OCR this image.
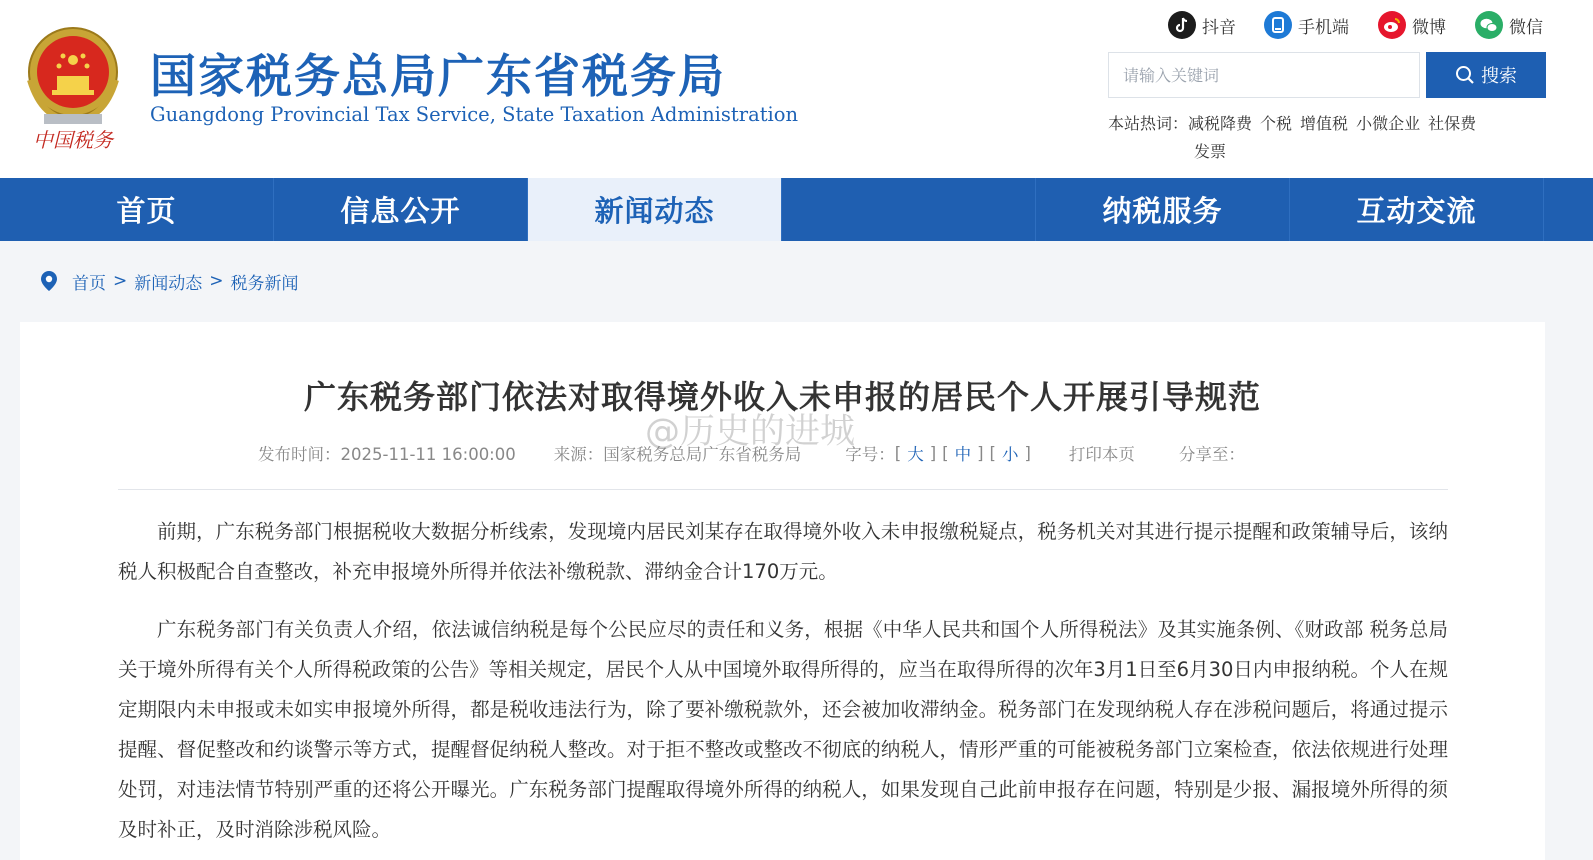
中国税务
国家税务总局广东省税务局
Guangdong Provincial Tax Service, State Taxation Administration
抖音	手机端	微博	微信
请输入关键词
搜索
本站热词：减税降费 个税 增值税 小微企业 社保费
发票
首页	信息公开	新闻动态	纳税服务	互动交流
首页 > 新闻动态 > 税务新闻
广东税务部门依法对取得境外收入未申报的居民个人开展引导规范
@历史的进城
发布时间：2025-11-11 16:00:00 来源：国家税务总局广东省税务局	字号： [ 大 ] [ 中 ] [ 小 ] 打印本页	分享至：

前期，广东税务部门根据税收大数据分析线索，发现境内居民刘某存在取得境外收入未申报缴税疑点，税务机关对其进行提示提醒和政策辅导后，该纳税人积极配合自查整改，补充申报境外所得并依法补缴税款、滞纳金合计170万元。

广东税务部门有关负责人介绍，依法诚信纳税是每个公民应尽的责任和义务，根据《中华人民共和国个人所得税法》及其实施条例、《财政部 税务总局关于境外所得有关个人所得税政策的公告》等相关规定，居民个人从中国境外取得所得的，应当在取得所得的次年3月1日至6月30日内申报纳税。个人在规定期限内未申报或未如实申报境外所得，都是税收违法行为，除了要补缴税款外，还会被加收滞纳金。税务部门在发现纳税人存在涉税问题后，将通过提示提醒、督促整改和约谈警示等方式，提醒督促纳税人整改。对于拒不整改或整改不彻底的纳税人，情形严重的可能被税务部门立案检查，依法依规进行处理处罚，对违法情节特别严重的还将公开曝光。广东税务部门提醒取得境外所得的纳税人，如果发现自己此前申报存在问题，特别是少报、漏报境外所得的须及时补正，及时消除涉税风险。
